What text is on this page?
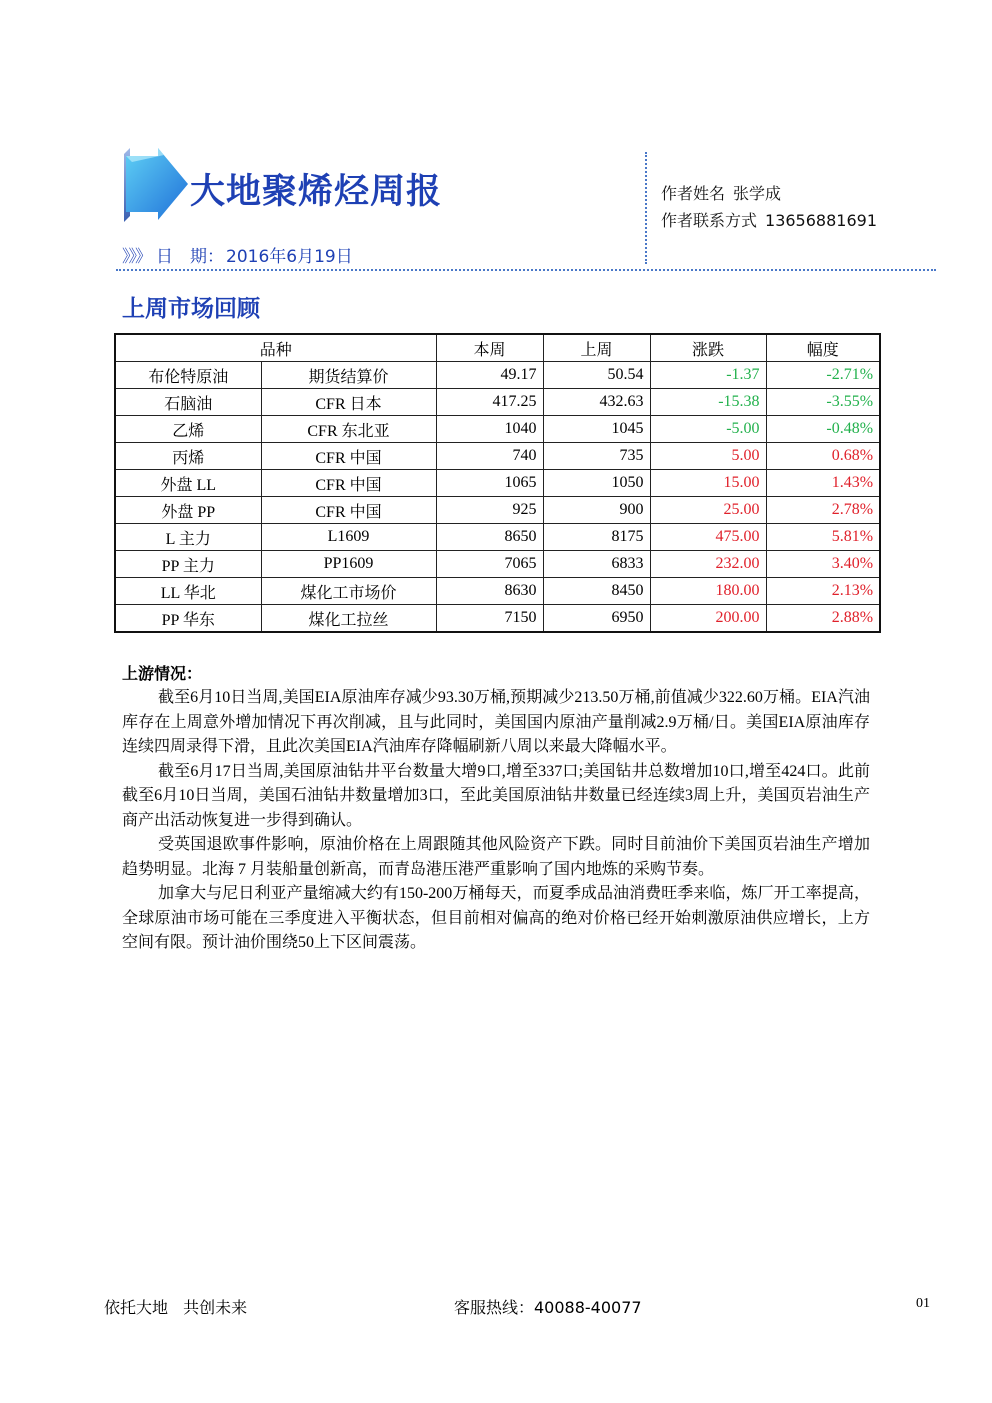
大地聚烯烃周报
》》》 日　期： 2016年6月19日
作者姓名 张学成
作者联系方式 13656881691
上周市场回顾
品种		本周	上周	涨跌	幅度
布伦特原油	期货结算价	49.17	50.54	-1.37	-2.71%
石脑油	CFR 日本	417.25	432.63	-15.38	-3.55%
乙烯	CFR 东北亚	1040	1045	-5.00	-0.48%
丙烯	CFR 中国	740	735	5.00	0.68%
外盘 LL	CFR 中国	1065	1050	15.00	1.43%
外盘 PP	CFR 中国	925	900	25.00	2.78%
L 主力	L1609	8650	8175	475.00	5.81%
PP 主力	PP1609	7065	6833	232.00	3.40%
LL 华北	煤化工市场价	8630	8450	180.00	2.13%
PP 华东	煤化工拉丝	7150	6950	200.00	2.88%
上游情况：

截至6月10日当周,美国EIA原油库存减少93.30万桶,预期减少213.50万桶,前值减少322.60万桶。EIA汽油库存在上周意外增加情况下再次削减，且与此同时，美国国内原油产量削减2.9万桶/日。美国EIA原油库存连续四周录得下滑，且此次美国EIA汽油库存降幅刷新八周以来最大降幅水平。

截至6月17日当周,美国原油钻井平台数量大增9口,增至337口;美国钻井总数增加10口,增至424口。此前截至6月10日当周，美国石油钻井数量增加3口，至此美国原油钻井数量已经连续3周上升，美国页岩油生产商产出活动恢复进一步得到确认。

受英国退欧事件影响，原油价格在上周跟随其他风险资产下跌。同时目前油价下美国页岩油生产增加趋势明显。北海 7 月装船量创新高，而青岛港压港严重影响了国内地炼的采购节奏。

加拿大与尼日利亚产量缩减大约有150-200万桶每天，而夏季成品油消费旺季来临，炼厂开工率提高，全球原油市场可能在三季度进入平衡状态，但目前相对偏高的绝对价格已经开始刺激原油供应增长，上方空间有限。预计油价围绕50上下区间震荡。

依托大地 共创未来	客服热线：40088-40077	01
